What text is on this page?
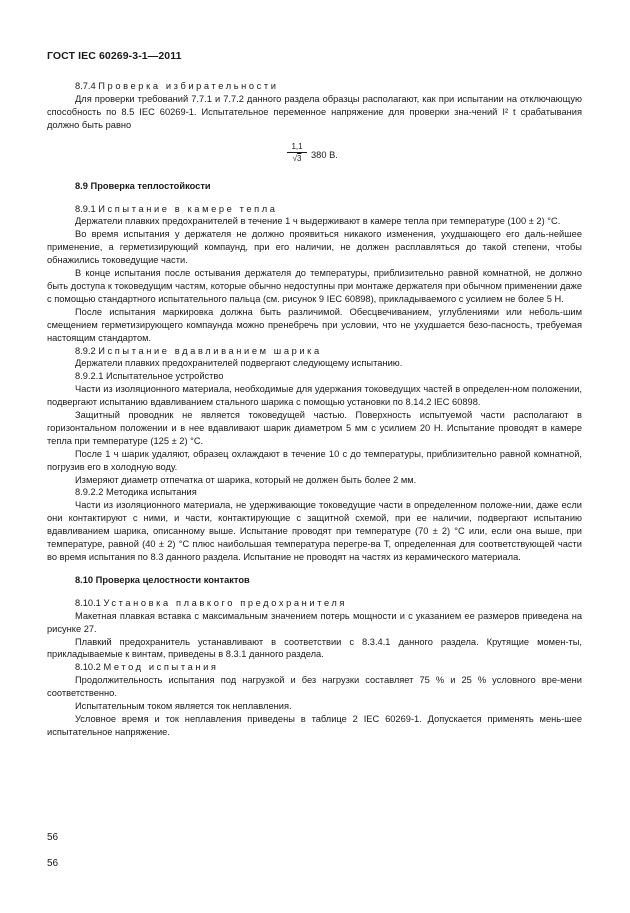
ГОСТ IEC 60269-3-1—2011

8.7.4 Проверка избирательности

Для проверки требований 7.7.1 и 7.7.2 данного раздела образцы располагают, как при испытании на отключающую способность по 8.5 IEC 60269-1. Испытательное переменное напряжение для проверки зна-чений I² t срабатывания должно быть равно

$\frac{1,1}{√3} 380$ В.

8.9 Проверка теплостойкости

8.9.1 Испытание в камере тепла

Держатели плавких предохранителей в течение 1 ч выдерживают в камере тепла при температуре (100 ± 2) °C.

Во время испытания у держателя не должно проявиться никакого изменения, ухудшающего его даль-нейшее применение, а герметизирующий компаунд, при его наличии, не должен расплавляться до такой степени, чтобы обнажились токоведущие части.

В конце испытания после остывания держателя до температуры, приблизительно равной комнатной, не должно быть доступа к токоведущим частям, которые обычно недоступны при монтаже держателя при обычном применении даже с помощью стандартного испытательного пальца (см. рисунок 9 IEC 60898), прикладываемого с усилием не более 5 Н.

После испытания маркировка должна быть различимой. Обесцвечиванием, углублениями или неболь-шим смещением герметизирующего компаунда можно пренебречь при условии, что не ухудшается безо-пасность, требуемая настоящим стандартом.

8.9.2 Испытание вдавливанием шарика

Держатели плавких предохранителей подвергают следующему испытанию.

8.9.2.1 Испытательное устройство

Части из изоляционного материала, необходимые для удержания токоведущих частей в определен-ном положении, подвергают испытанию вдавливанием стального шарика с помощью установки по 8.14.2 IEC 60898.

Защитный проводник не является токоведущей частью. Поверхность испытуемой части располагают в горизонтальном положении и в нее вдавливают шарик диаметром 5 мм с усилием 20 Н. Испытание проводят в камере тепла при температуре (125 ± 2) °C.

После 1 ч шарик удаляют, образец охлаждают в течение 10 с до температуры, приблизительно равной комнатной, погрузив его в холодную воду.

Измеряют диаметр отпечатка от шарика, который не должен быть более 2 мм.

8.9.2.2 Методика испытания

Части из изоляционного материала, не удерживающие токоведущие части в определенном положе-нии, даже если они контактируют с ними, и части, контактирующие с защитной схемой, при ее наличии, подвергают испытанию вдавливанием шарика, описанному выше. Испытание проводят при температуре (70 ± 2) °C или, если она выше, при температуре, равной (40 ± 2) °C плюс наибольшая температура перегре-ва T, определенная для соответствующей части во время испытания по 8.3 данного раздела. Испытание не проводят на частях из керамического материала.

8.10 Проверка целостности контактов

8.10.1 Установка плавкого предохранителя

Макетная плавкая вставка с максимальным значением потерь мощности и с указанием ее размеров приведена на рисунке 27.

Плавкий предохранитель устанавливают в соответствии с 8.3.4.1 данного раздела. Крутящие момен-ты, прикладываемые к винтам, приведены в 8.3.1 данного раздела.

8.10.2 Метод испытания

Продолжительность испытания под нагрузкой и без нагрузки составляет 75 % и 25 % условного вре-мени соответственно.

Испытательным током является ток неплавления.

Условное время и ток неплавления приведены в таблице 2 IEC 60269-1. Допускается применять мень-шее испытательное напряжение.

56
56
